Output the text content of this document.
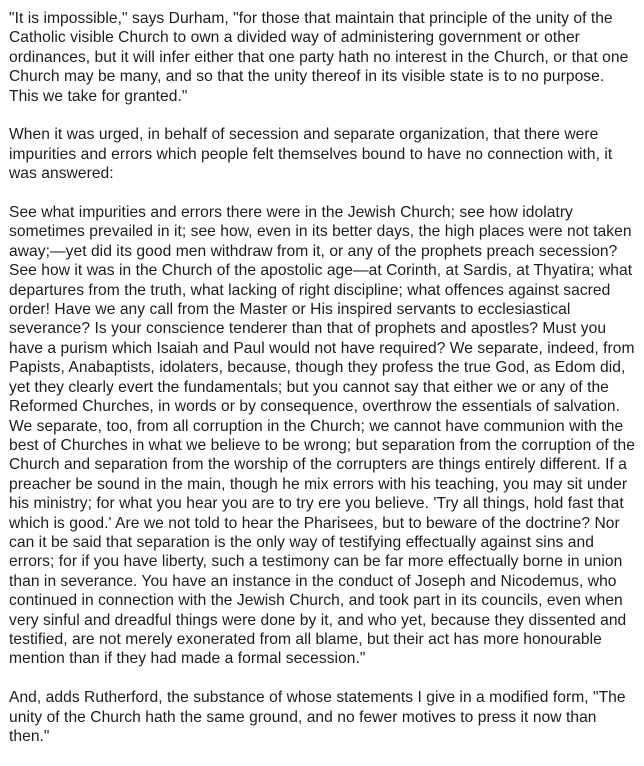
"It is impossible," says Durham, "for those that maintain that principle of the unity of the Catholic visible Church to own a divided way of administering government or other ordinances, but it will infer either that one party hath no interest in the Church, or that one Church may be many, and so that the unity thereof in its visible state is to no purpose. This we take for granted."

When it was urged, in behalf of secession and separate organization, that there were impurities and errors which people felt themselves bound to have no connection with, it was answered:

See what impurities and errors there were in the Jewish Church; see how idolatry sometimes prevailed in it; see how, even in its better days, the high places were not taken away;—yet did its good men withdraw from it, or any of the prophets preach secession? See how it was in the Church of the apostolic age—at Corinth, at Sardis, at Thyatira; what departures from the truth, what lacking of right discipline; what offences against sacred order! Have we any call from the Master or His inspired servants to ecclesiastical severance? Is your conscience tenderer than that of prophets and apostles? Must you have a purism which Isaiah and Paul would not have required? We separate, indeed, from Papists, Anabaptists, idolaters, because, though they profess the true God, as Edom did, yet they clearly evert the fundamentals; but you cannot say that either we or any of the Reformed Churches, in words or by consequence, overthrow the essentials of salvation. We separate, too, from all corruption in the Church; we cannot have communion with the best of Churches in what we believe to be wrong; but separation from the corruption of the Church and separation from the worship of the corrupters are things entirely different. If a preacher be sound in the main, though he mix errors with his teaching, you may sit under his ministry; for what you hear you are to try ere you believe. 'Try all things, hold fast that which is good.' Are we not told to hear the Pharisees, but to beware of the doctrine? Nor can it be said that separation is the only way of testifying effectually against sins and errors; for if you have liberty, such a testimony can be far more effectually borne in union than in severance. You have an instance in the conduct of Joseph and Nicodemus, who continued in connection with the Jewish Church, and took part in its councils, even when very sinful and dreadful things were done by it, and who yet, because they dissented and testified, are not merely exonerated from all blame, but their act has more honourable mention than if they had made a formal secession."

And, adds Rutherford, the substance of whose statements I give in a modified form, "The unity of the Church hath the same ground, and no fewer motives to press it now than then."
